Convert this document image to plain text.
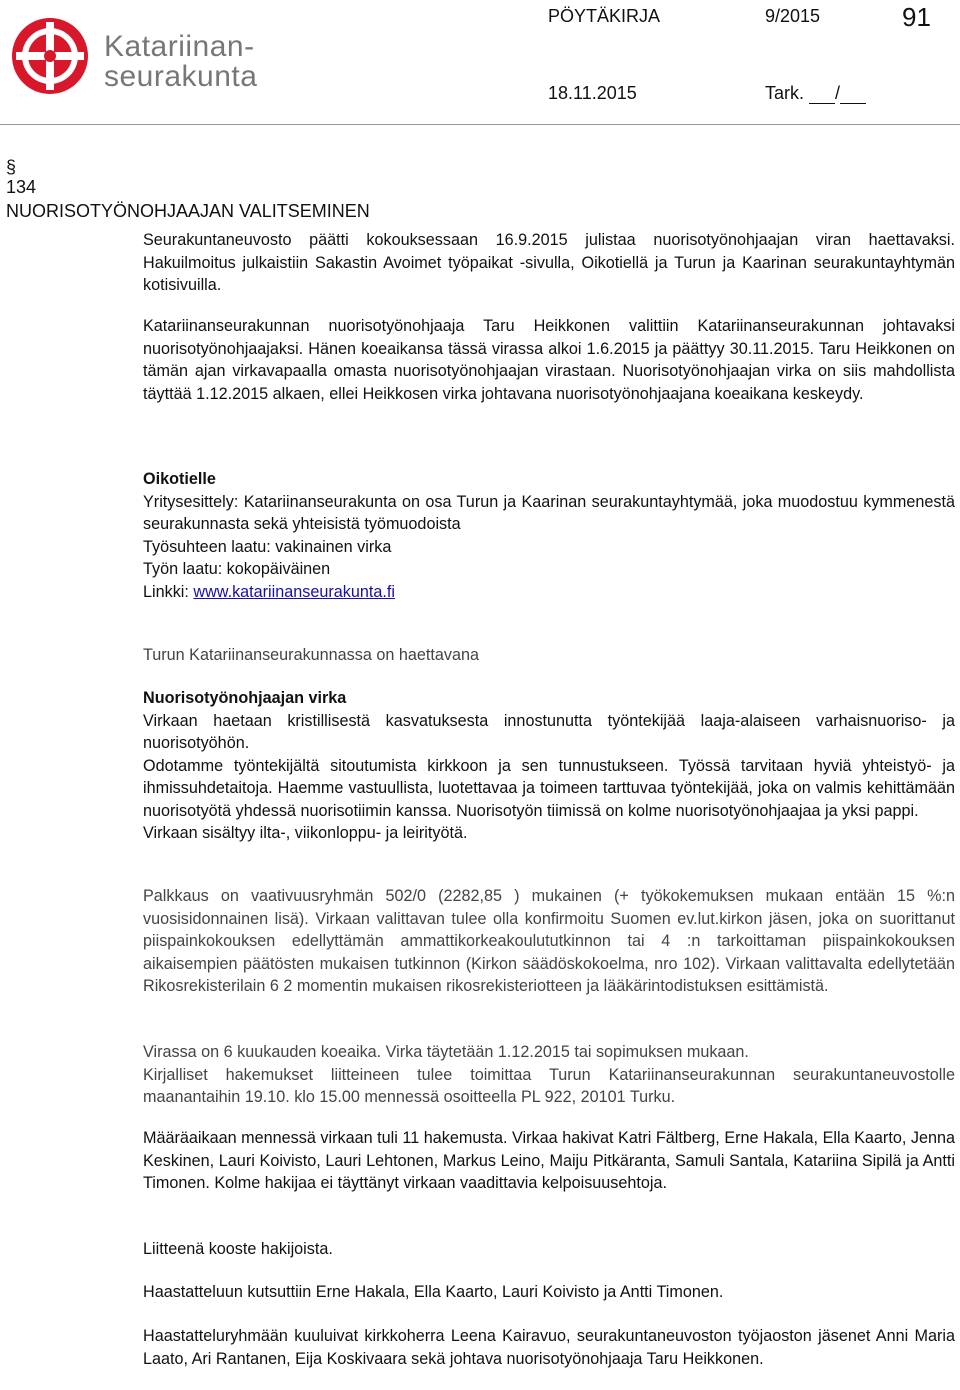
Katariinan-
seurakunta
PÖYTÄKIRJA	9/2015	91
18.11.2015	Tark. /
§
134
NUORISOTYÖNOHJAAJAN VALITSEMINEN
Seurakuntaneuvosto päätti kokouksessaan 16.9.2015 julistaa nuorisotyönohjaajan viran haettavaksi. Hakuilmoitus julkaistiin Sakastin Avoimet työpaikat -sivulla, Oikotiellä ja Turun ja Kaarinan seurakuntayhtymän kotisivuilla.
Katariinanseurakunnan nuorisotyönohjaaja Taru Heikkonen valittiin Katariinanseurakunnan johtavaksi nuorisotyönohjaajaksi. Hänen koeaikansa tässä virassa alkoi 1.6.2015 ja päättyy 30.11.2015. Taru Heikkonen on tämän ajan virkavapaalla omasta nuorisotyönohjaajan virastaan. Nuorisotyönohjaajan virka on siis mahdollista täyttää 1.12.2015 alkaen, ellei Heikkosen virka johtavana nuorisotyönohjaajana koeaikana keskeydy.

Oikotielle

Yritysesittely: Katariinanseurakunta on osa Turun ja Kaarinan seurakuntayhtymää, joka muodostuu kymmenestä seurakunnasta sekä yhteisistä työmuodoista

Työsuhteen laatu: vakinainen virka

Työn laatu: kokopäiväinen

Linkki: www.katariinanseurakunta.fi

Turun Katariinanseurakunnassa on haettavana

Nuorisotyönohjaajan virka

Virkaan haetaan kristillisestä kasvatuksesta innostunutta työntekijää laaja-alaiseen varhaisnuoriso- ja nuorisotyöhön.

Odotamme työntekijältä sitoutumista kirkkoon ja sen tunnustukseen. Työssä tarvitaan hyviä yhteistyö- ja ihmissuhdetaitoja. Haemme vastuullista, luotettavaa ja toimeen tarttuvaa työntekijää, joka on valmis kehittämään nuorisotyötä yhdessä nuorisotiimin kanssa. Nuorisotyön tiimissä on kolme nuorisotyönohjaajaa ja yksi pappi.

Virkaan sisältyy ilta-, viikonloppu- ja leirityötä.

Palkkaus on vaativuusryhmän 502/0 (2282,85 ) mukainen (+ työkokemuksen mukaan entään 15 %:n vuosisidonnainen lisä). Virkaan valittavan tulee olla konfirmoitu Suomen ev.lut.kirkon jäsen, joka on suorittanut piispainkokouksen edellyttämän ammattikorkeakoulututkinnon tai 4 :n tarkoittaman piispainkokouksen aikaisempien päätösten mukaisen tutkinnon (Kirkon säädöskokoelma, nro 102). Virkaan valittavalta edellytetään Rikosrekisterilain 6 2 momentin mukaisen rikosrekisteriotteen ja lääkärintodistuksen esittämistä.

Virassa on 6 kuukauden koeaika. Virka täytetään 1.12.2015 tai sopimuksen mukaan.

Kirjalliset hakemukset liitteineen tulee toimittaa Turun Katariinanseurakunnan seurakuntaneuvostolle maanantaihin 19.10. klo 15.00 mennessä osoitteella PL 922, 20101 Turku.

Määräaikaan mennessä virkaan tuli 11 hakemusta. Virkaa hakivat Katri Fältberg, Erne Hakala, Ella Kaarto, Jenna Keskinen, Lauri Koivisto, Lauri Lehtonen, Markus Leino, Maiju Pitkäranta, Samuli Santala, Katariina Sipilä ja Antti Timonen. Kolme hakijaa ei täyttänyt virkaan vaadittavia kelpoisuusehtoja.
Liitteenä kooste hakijoista.
Haastatteluun kutsuttiin Erne Hakala, Ella Kaarto, Lauri Koivisto ja Antti Timonen.
Haastatteluryhmään kuuluivat kirkkoherra Leena Kairavuo, seurakuntaneuvoston työjaoston jäsenet Anni Maria Laato, Ari Rantanen, Eija Koskivaara sekä johtava nuorisotyönohjaaja Taru Heikkonen.
